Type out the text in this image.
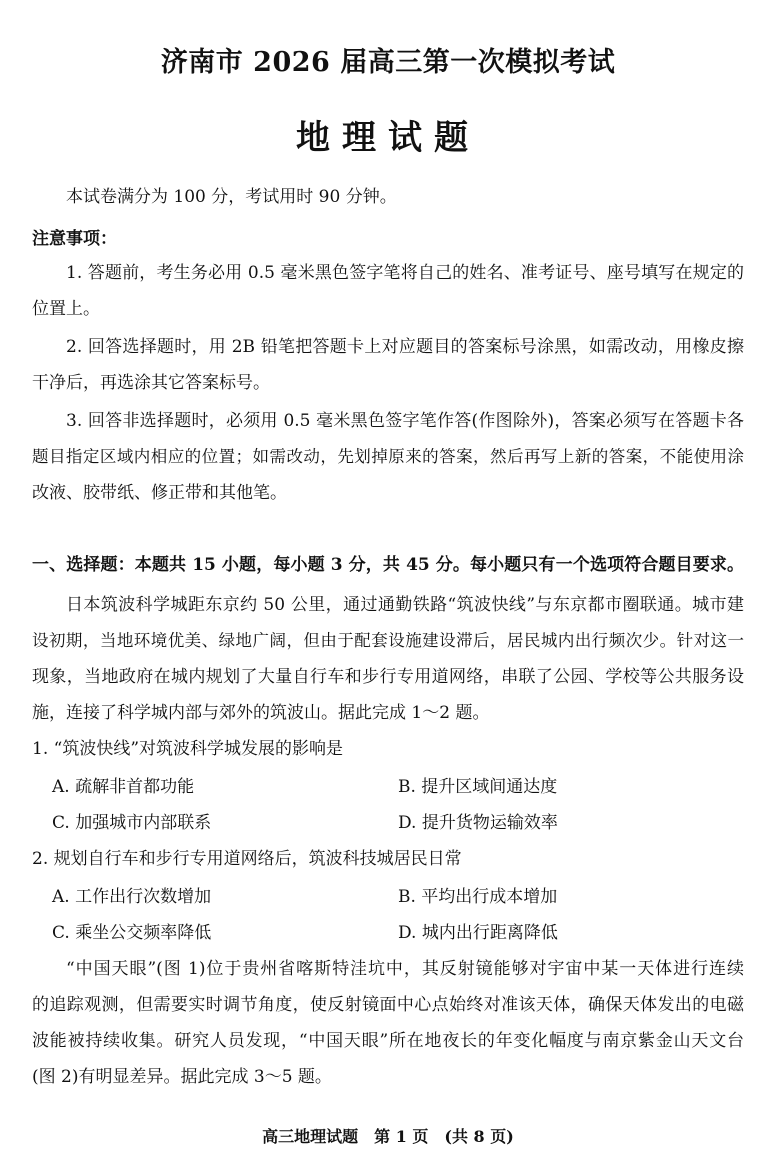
济南市 2026 届高三第一次模拟考试
地理试题
本试卷满分为 100 分，考试用时 90 分钟。
注意事项：
1. 答题前，考生务必用 0.5 毫米黑色签字笔将自己的姓名、准考证号、座号填写在规定的
位置上。
2. 回答选择题时，用 2B 铅笔把答题卡上对应题目的答案标号涂黑，如需改动，用橡皮擦
干净后，再选涂其它答案标号。
3. 回答非选择题时，必须用 0.5 毫米黑色签字笔作答(作图除外)，答案必须写在答题卡各
题目指定区域内相应的位置；如需改动，先划掉原来的答案，然后再写上新的答案，不能使用涂
改液、胶带纸、修正带和其他笔。
一、选择题：本题共 15 小题，每小题 3 分，共 45 分。每小题只有一个选项符合题目要求。
日本筑波科学城距东京约 50 公里，通过通勤铁路“筑波快线”与东京都市圈联通。城市建
设初期，当地环境优美、绿地广阔，但由于配套设施建设滞后，居民城内出行频次少。针对这一
现象，当地政府在城内规划了大量自行车和步行专用道网络，串联了公园、学校等公共服务设
施，连接了科学城内部与郊外的筑波山。据此完成 1～2 题。
1. “筑波快线”对筑波科学城发展的影响是
A. 疏解非首都功能	B. 提升区域间通达度
C. 加强城市内部联系	D. 提升货物运输效率
2. 规划自行车和步行专用道网络后，筑波科技城居民日常
A. 工作出行次数增加	B. 平均出行成本增加
C. 乘坐公交频率降低	D. 城内出行距离降低
“中国天眼”(图 1)位于贵州省喀斯特洼坑中，其反射镜能够对宇宙中某一天体进行连续
的追踪观测，但需要实时调节角度，使反射镜面中心点始终对准该天体，确保天体发出的电磁
波能被持续收集。研究人员发现，“中国天眼”所在地夜长的年变化幅度与南京紫金山天文台
(图 2)有明显差异。据此完成 3～5 题。
高三地理试题　第 1 页　(共 8 页)
